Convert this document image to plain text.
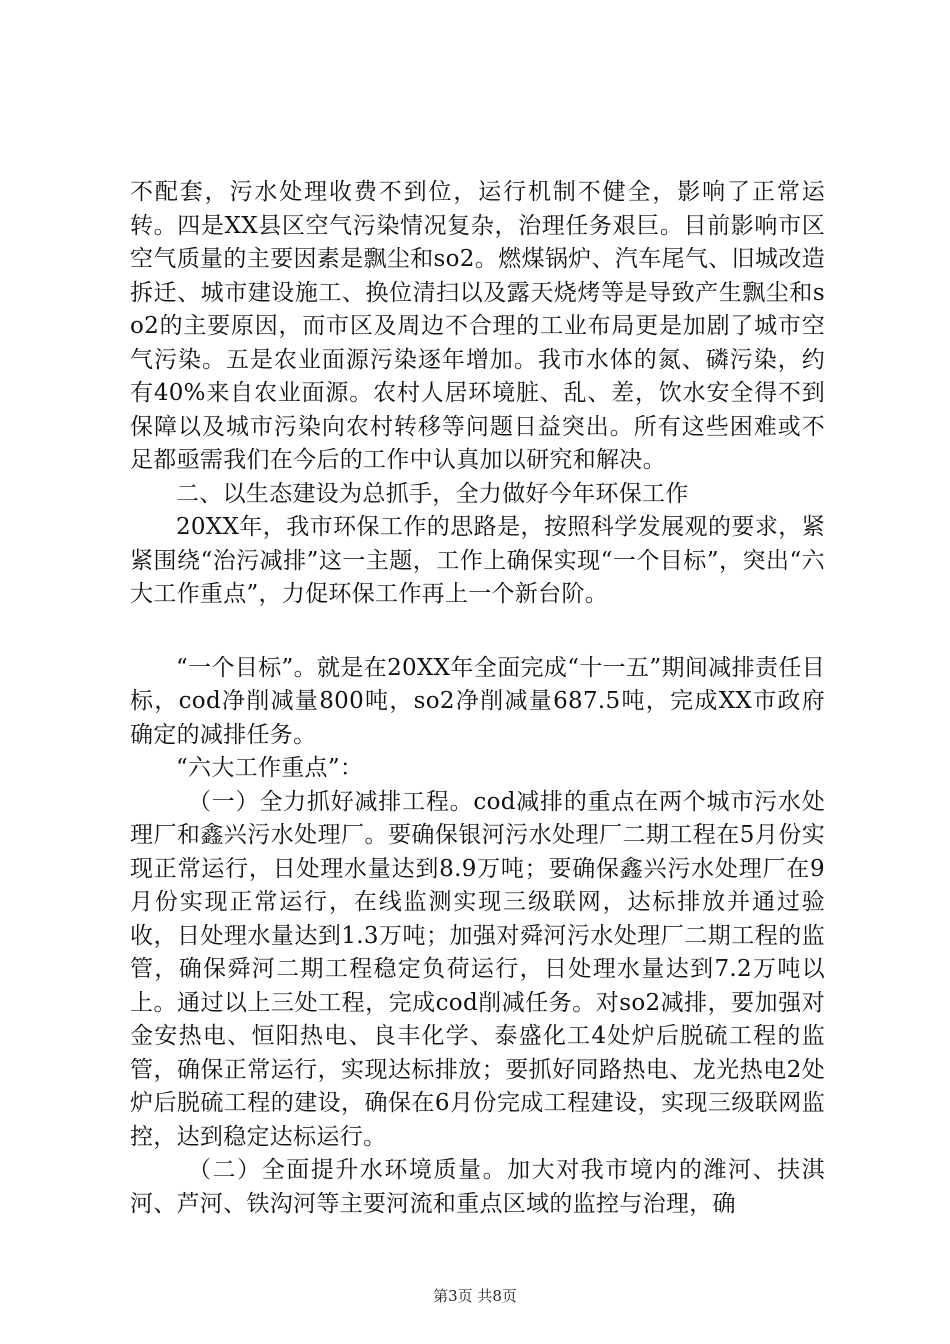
不配套，污水处理收费不到位，运行机制不健全，影响了正常运转。四是XX县区空气污染情况复杂，治理任务艰巨。目前影响市区空气质量的主要因素是飘尘和so2。燃煤锅炉、汽车尾气、旧城改造拆迁、城市建设施工、换位清扫以及露天烧烤等是导致产生飘尘和so2的主要原因，而市区及周边不合理的工业布局更是加剧了城市空气污染。五是农业面源污染逐年增加。我市水体的氮、磷污染，约有40%来自农业面源。农村人居环境脏、乱、差，饮水安全得不到保障以及城市污染向农村转移等问题日益突出。所有这些困难或不足都亟需我们在今后的工作中认真加以研究和解决。

二、以生态建设为总抓手，全力做好今年环保工作

20XX年，我市环保工作的思路是，按照科学发展观的要求，紧紧围绕“治污减排”这一主题，工作上确保实现“一个目标”，突出“六大工作重点”，力促环保工作再上一个新台阶。

“一个目标”。就是在20XX年全面完成“十一五”期间减排责任目标，cod净削减量800吨，so2净削减量687.5吨，完成XX市政府确定的减排任务。

“六大工作重点”：

（一）全力抓好减排工程。cod减排的重点在两个城市污水处理厂和鑫兴污水处理厂。要确保银河污水处理厂二期工程在5月份实现正常运行，日处理水量达到8.9万吨；要确保鑫兴污水处理厂在9月份实现正常运行，在线监测实现三级联网，达标排放并通过验收，日处理水量达到1.3万吨；加强对舜河污水处理厂二期工程的监管，确保舜河二期工程稳定负荷运行，日处理水量达到7.2万吨以上。通过以上三处工程，完成cod削减任务。对so2减排，要加强对金安热电、恒阳热电、良丰化学、泰盛化工4处炉后脱硫工程的监管，确保正常运行，实现达标排放；要抓好同路热电、龙光热电2处炉后脱硫工程的建设，确保在6月份完成工程建设，实现三级联网监控，达到稳定达标运行。

（二）全面提升水环境质量。加大对我市境内的潍河、扶淇河、芦河、铁沟河等主要河流和重点区域的监控与治理，确

第3页 共8页
